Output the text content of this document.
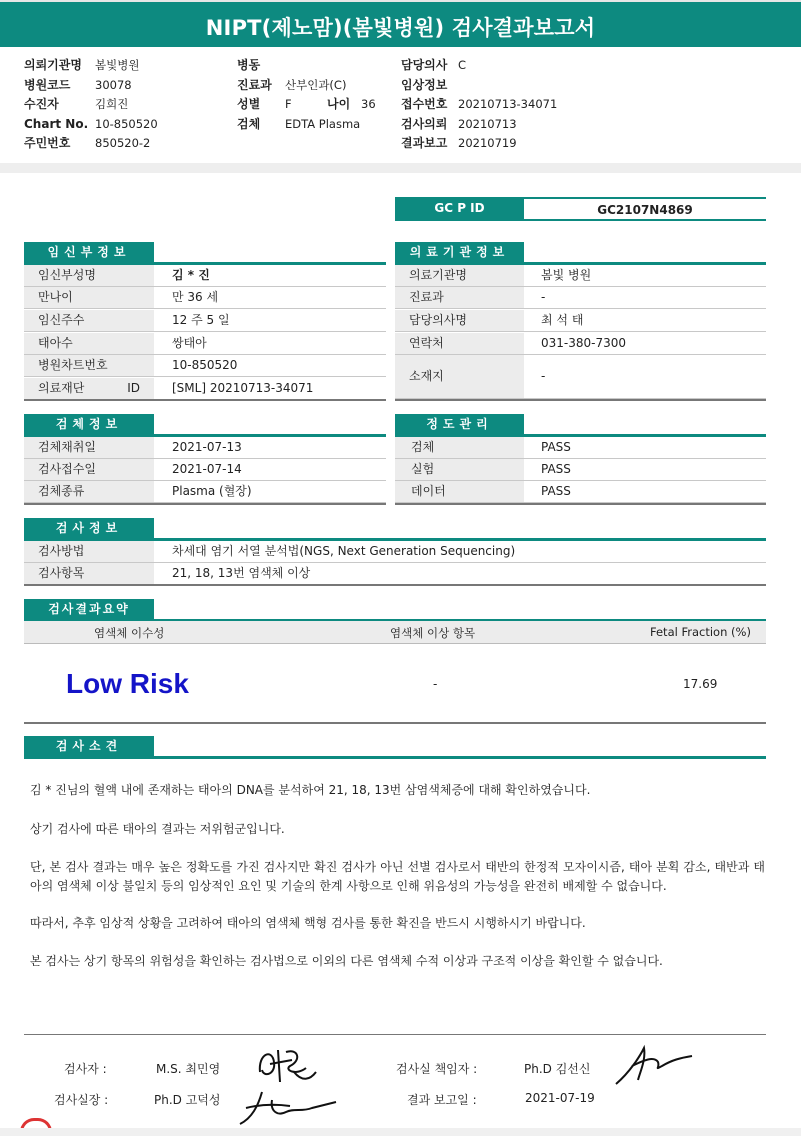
NIPT(제노맘)(봄빛병원) 검사결과보고서
의뢰기관명 봄빛병원
병원코드 30078
수진자	김희진
Chart No. 10-850520
주민번호 850520-2
병동
진료과 산부인과(C)
성별 F	나이 36
검체 EDTA Plasma
담당의사 C
임상정보
접수번호 20210713-34071
검사의뢰 20210713
결과보고 20210719
GC P ID	GC2107N4869
임신부정보
임신부성명	김 * 진
만나이	만 36 세
임신주수	12 주 5 일
태아수	쌍태아
병원차트번호	10-850520
의료재단 ID	[SML] 20210713-34071
의료기관정보
의료기관명	봄빛 병원
진료과	-
담당의사명	최 석 태
연락처	031-380-7300
소재지	-
검체정보
검체채취일	2021-07-13
검사접수일	2021-07-14
검체종류	Plasma (혈장)
정도관리
검체	PASS
실험	PASS
데이터	PASS
검사정보
검사방법	차세대 염기 서열 분석법(NGS, Next Generation Sequencing)
검사항목	21, 18, 13번 염색체 이상
검사결과요약
염색체 이수성	염색체 이상 항목	Fetal Fraction (%)
Low Risk	-	17.69
검사소견
김 * 진님의 혈액 내에 존재하는 태아의 DNA를 분석하여 21, 18, 13번 삼염색체증에 대해 확인하였습니다.
상기 검사에 따른 태아의 결과는 저위험군입니다.
단, 본 검사 결과는 매우 높은 정확도를 가진 검사지만 확진 검사가 아닌 선별 검사로서 태반의 한정적 모자이시즘, 태아 분획 감소, 태반과 태아의 염색체 이상 불일치 등의 임상적인 요인 및 기술의 한계 사항으로 인해 위음성의 가능성을 완전히 배제할 수 없습니다.
따라서, 추후 임상적 상황을 고려하여 태아의 염색체 핵형 검사를 통한 확진을 반드시 시행하시기 바랍니다.
본 검사는 상기 항목의 위험성을 확인하는 검사법으로 이외의 다른 염색체 수적 이상과 구조적 이상을 확인할 수 없습니다.
검사자 :	M.S. 최민영	검사실 책임자 :	Ph.D 김선신
검사실장 :	Ph.D 고덕성	결과 보고일 :	2021-07-19
